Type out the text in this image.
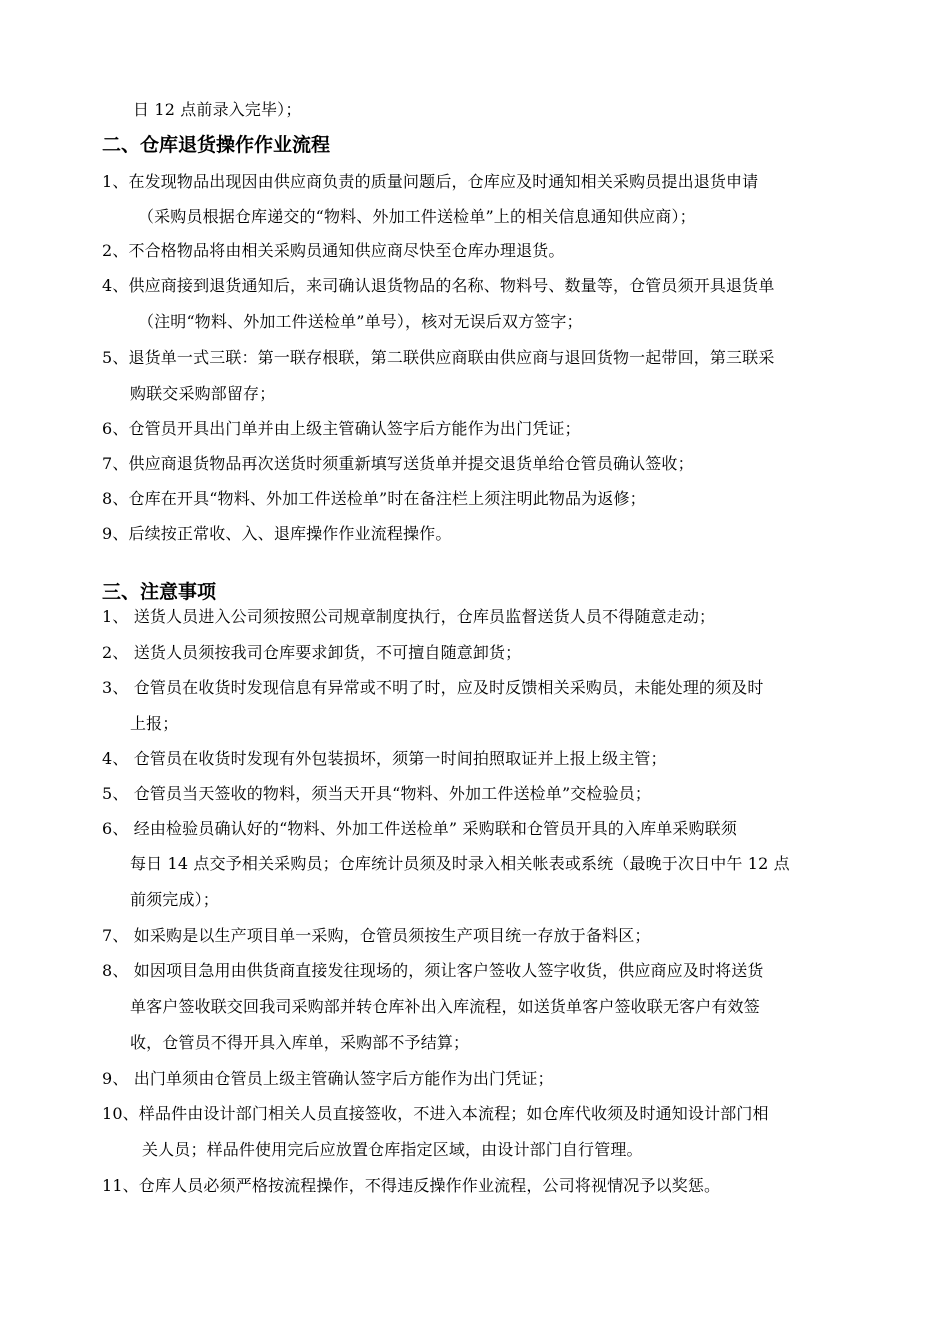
日 12 点前录入完毕）；
二、仓库退货操作作业流程
1、在发现物品出现因由供应商负责的质量问题后，仓库应及时通知相关采购员提出退货申请
（采购员根据仓库递交的“物料、外加工件送检单”上的相关信息通知供应商）；
2、不合格物品将由相关采购员通知供应商尽快至仓库办理退货。
4、供应商接到退货通知后，来司确认退货物品的名称、物料号、数量等，仓管员须开具退货单
（注明“物料、外加工件送检单”单号），核对无误后双方签字；
5、退货单一式三联：第一联存根联，第二联供应商联由供应商与退回货物一起带回，第三联采
购联交采购部留存；
6、仓管员开具出门单并由上级主管确认签字后方能作为出门凭证；
7、供应商退货物品再次送货时须重新填写送货单并提交退货单给仓管员确认签收；
8、仓库在开具“物料、外加工件送检单”时在备注栏上须注明此物品为返修；
9、后续按正常收、入、退库操作作业流程操作。
三、注意事项
1、 送货人员进入公司须按照公司规章制度执行，仓库员监督送货人员不得随意走动；
2、 送货人员须按我司仓库要求卸货，不可擅自随意卸货；
3、 仓管员在收货时发现信息有异常或不明了时，应及时反馈相关采购员，未能处理的须及时
上报；
4、 仓管员在收货时发现有外包装损坏，须第一时间拍照取证并上报上级主管；
5、 仓管员当天签收的物料，须当天开具“物料、外加工件送检单”交检验员；
6、 经由检验员确认好的“物料、外加工件送检单” 采购联和仓管员开具的入库单采购联须
每日 14 点交予相关采购员；仓库统计员须及时录入相关帐表或系统（最晚于次日中午 12 点
前须完成）；
7、 如采购是以生产项目单一采购，仓管员须按生产项目统一存放于备料区；
8、 如因项目急用由供货商直接发往现场的，须让客户签收人签字收货，供应商应及时将送货
单客户签收联交回我司采购部并转仓库补出入库流程，如送货单客户签收联无客户有效签
收，仓管员不得开具入库单，采购部不予结算；
9、 出门单须由仓管员上级主管确认签字后方能作为出门凭证；
10、样品件由设计部门相关人员直接签收，不进入本流程；如仓库代收须及时通知设计部门相
关人员；样品件使用完后应放置仓库指定区域，由设计部门自行管理。
11、仓库人员必须严格按流程操作，不得违反操作作业流程，公司将视情况予以奖惩。
